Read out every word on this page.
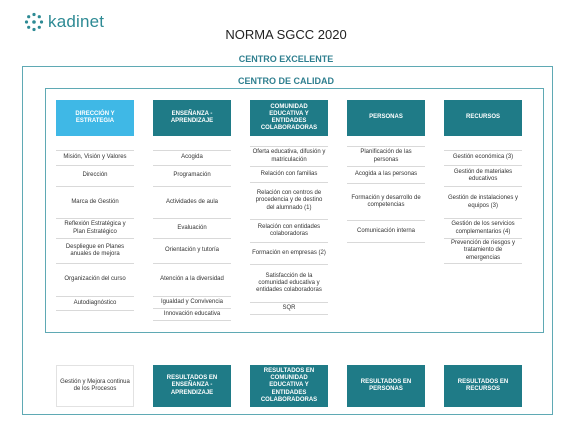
kadinet
NORMA SGCC 2020
CENTRO EXCELENTE
CENTRO DE CALIDAD
DIRECCIÓN Y ESTRATEGIA
ENSEÑANZA - APRENDIZAJE
COMUNIDAD EDUCATIVA Y ENTIDADES COLABORADORAS
PERSONAS	RECURSOS
Misión, Visión y Valores
Dirección
Marca de Gestión
Reflexión Estratégica y Plan Estratégico
Despliegue en Planes anuales de mejora
Organización del curso
Autodiagnóstico
Acogida
Programación
Actividades de aula
Evaluación
Orientación y tutoría
Atención a la diversidad
Igualdad y Convivencia
Innovación educativa
Oferta educativa, difusión y matriculación
Relación con familias
Relación con centros de procedencia y de destino del alumnado (1)
Relación con entidades colaboradoras
Formación en empresas (2)
Satisfacción de la comunidad educativa y entidades colaboradoras
SQR
Planificación de las personas
Acogida a las personas
Formación y desarrollo de competencias
Comunicación interna
Gestión económica (3)
Gestión de materiales educativos
Gestión de instalaciones y equipos (3)
Gestión de los servicios complementarios (4)
Prevención de riesgos y tratamiento de emergencias
Gestión y Mejora continua de los Procesos
RESULTADOS EN ENSEÑANZA - APRENDIZAJE
RESULTADOS EN COMUNIDAD EDUCATIVA Y ENTIDADES COLABORADORAS
RESULTADOS EN PERSONAS
RESULTADOS EN RECURSOS
